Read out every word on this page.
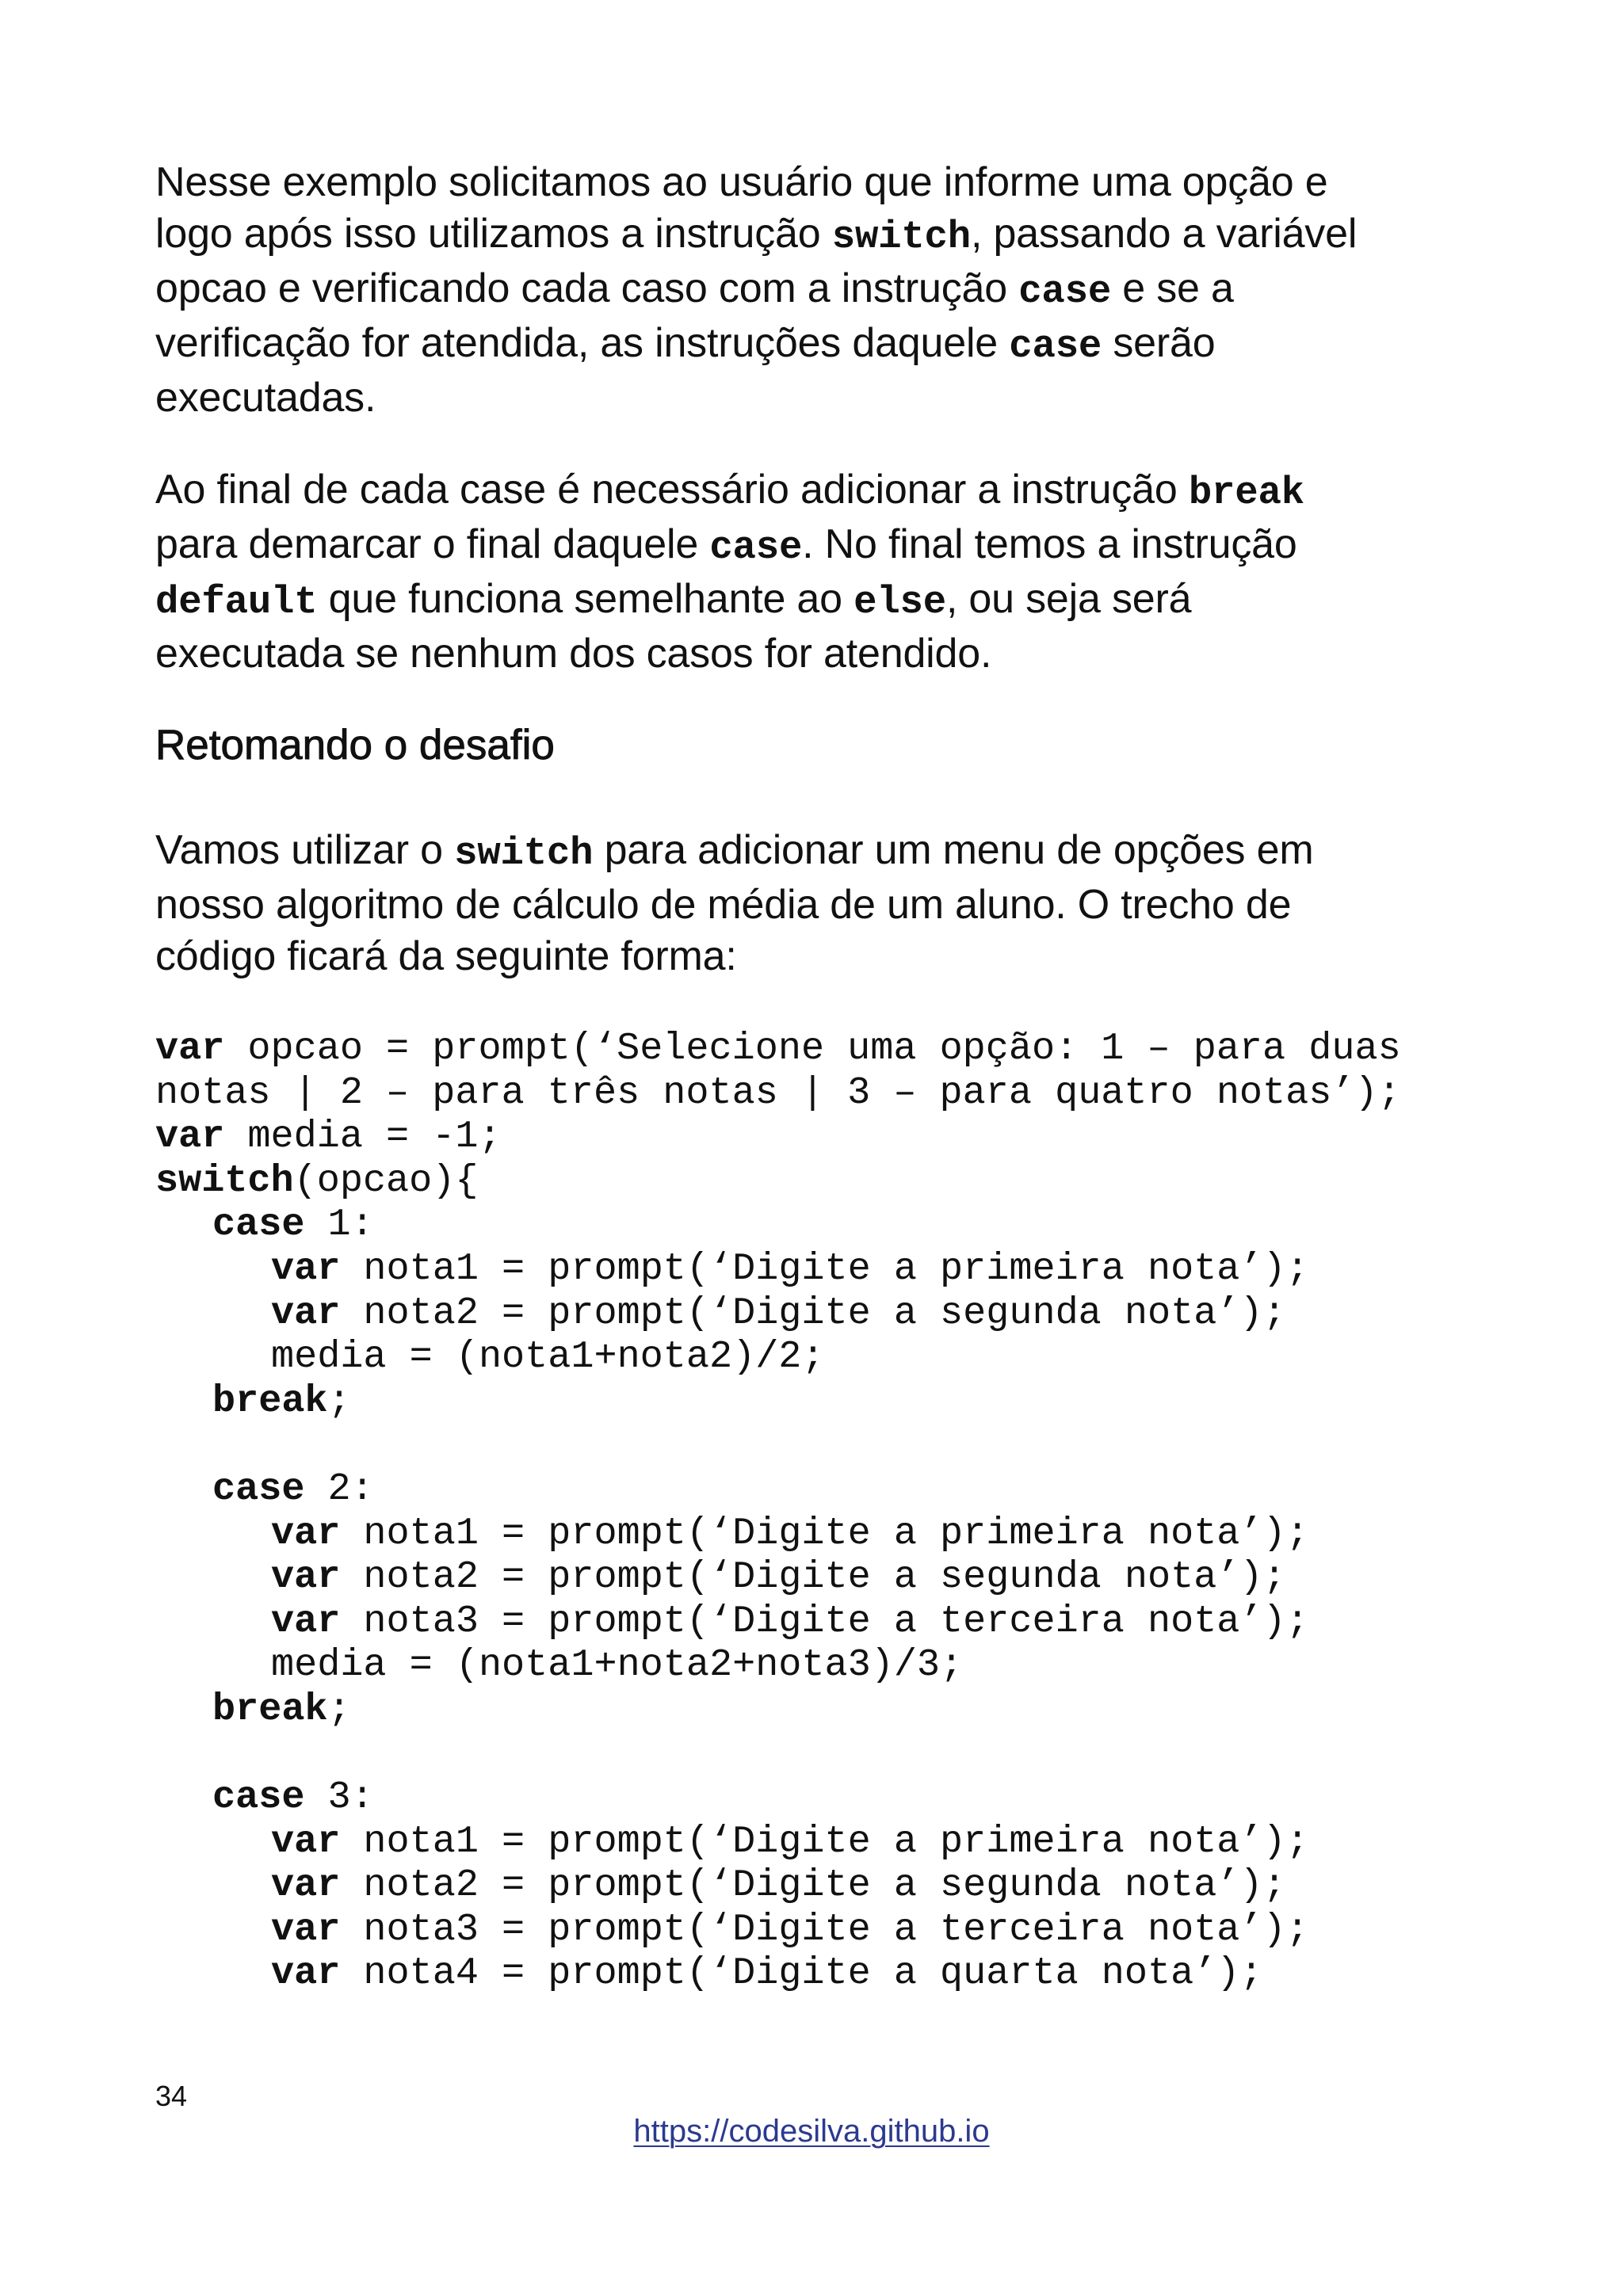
Nesse exemplo solicitamos ao usuário que informe uma opção e
logo após isso utilizamos a instrução switch, passando a variável
opcao e verificando cada caso com a instrução case e se a
verificação for atendida, as instruções daquele case serão
executadas.

Ao final de cada case é necessário adicionar a instrução break
para demarcar o final daquele case. No final temos a instrução
default que funciona semelhante ao else, ou seja será
executada se nenhum dos casos for atendido.

Retomando o desafio

Vamos utilizar o switch para adicionar um menu de opções em
nosso algoritmo de cálculo de média de um aluno. O trecho de
código ficará da seguinte forma:

var opcao = prompt(‘Selecione uma opção: 1 – para duas
notas | 2 – para três notas | 3 – para quatro notas’);
var media = -1;
switch(opcao){
case 1:
var nota1 = prompt(‘Digite a primeira nota’);
var nota2 = prompt(‘Digite a segunda nota’);
media = (nota1+nota2)/2;
break;
case 2:
var nota1 = prompt(‘Digite a primeira nota’);
var nota2 = prompt(‘Digite a segunda nota’);
var nota3 = prompt(‘Digite a terceira nota’);
media = (nota1+nota2+nota3)/3;
break;
case 3:
var nota1 = prompt(‘Digite a primeira nota’);
var nota2 = prompt(‘Digite a segunda nota’);
var nota3 = prompt(‘Digite a terceira nota’);
var nota4 = prompt(‘Digite a quarta nota’);
34
https://codesilva.github.io
